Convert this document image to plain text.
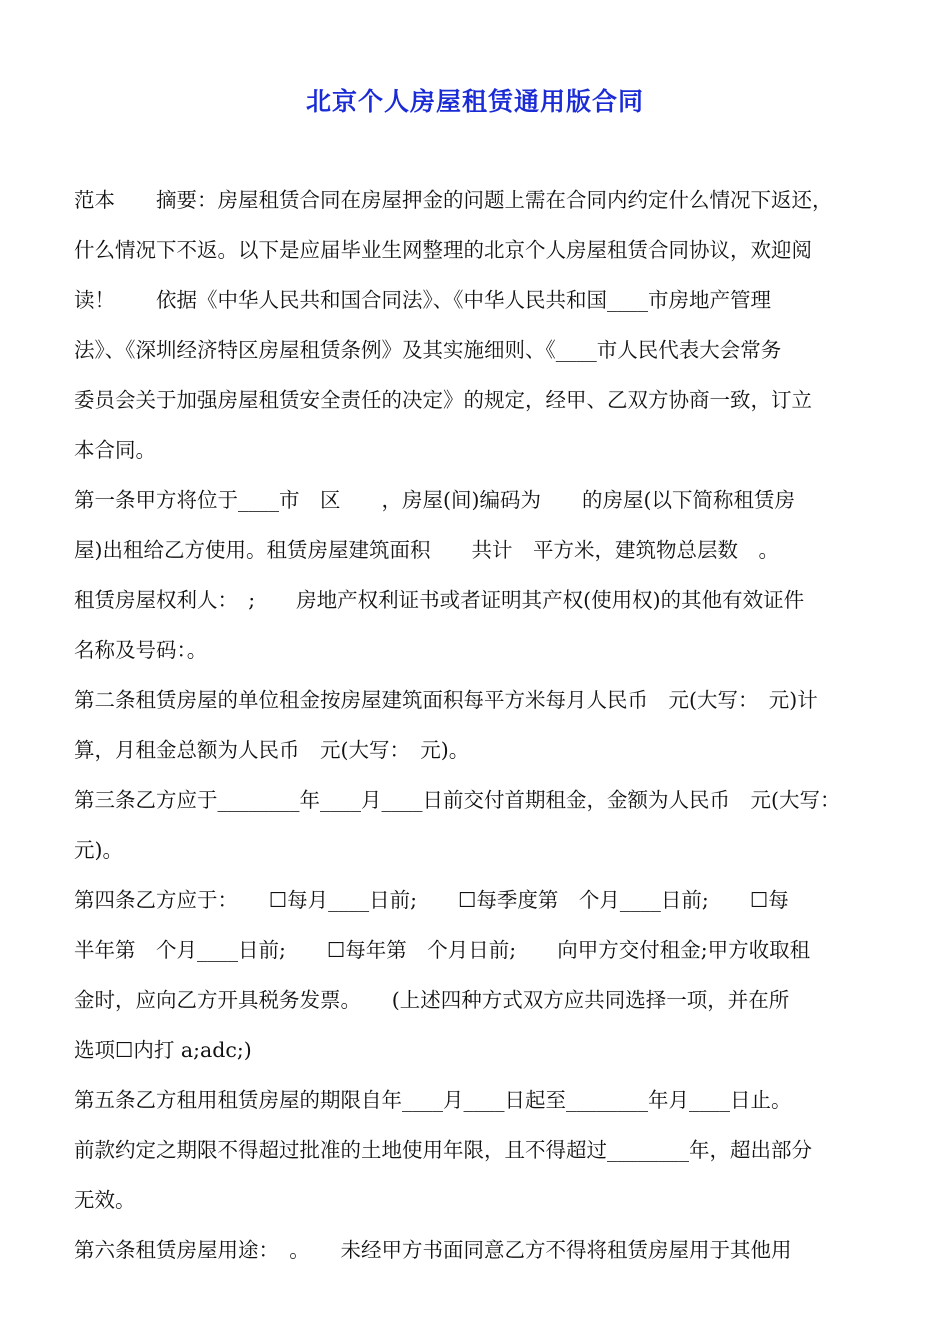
北京个人房屋租赁通用版合同
范本　　摘要：房屋租赁合同在房屋押金的问题上需在合同内约定什么情况下返还，
什么情况下不返。以下是应届毕业生网整理的北京个人房屋租赁合同协议，欢迎阅
读！　　依据《中华人民共和国合同法》、《中华人民共和国____市房地产管理
法》、《深圳经济特区房屋租赁条例》及其实施细则、《____市人民代表大会常务
委员会关于加强房屋租赁安全责任的决定》的规定，经甲、乙双方协商一致，订立
本合同。
第一条甲方将位于____市　区　　，房屋(间)编码为　　的房屋(以下简称租赁房
屋)出租给乙方使用。租赁房屋建筑面积　　共计　平方米，建筑物总层数　。
租赁房屋权利人：　;　　房地产权利证书或者证明其产权(使用权)的其他有效证件
名称及号码：。
第二条租赁房屋的单位租金按房屋建筑面积每平方米每月人民币　元(大写：　元)计
算，月租金总额为人民币　元(大写：　元)。
第三条乙方应于________年____月____日前交付首期租金，金额为人民币　元(大写：
元)。
第四条乙方应于：　　☐每月____日前;　　☐每季度第　个月____日前;　　☐每
半年第　个月____日前;　　☐每年第　个月日前;　　向甲方交付租金;甲方收取租
金时，应向乙方开具税务发票。　　(上述四种方式双方应共同选择一项，并在所
选项☐内打 a;adc;)
第五条乙方租用租赁房屋的期限自年____月____日起至________年月____日止。
前款约定之期限不得超过批准的土地使用年限，且不得超过________年，超出部分
无效。
第六条租赁房屋用途：　。　　未经甲方书面同意乙方不得将租赁房屋用于其他用
